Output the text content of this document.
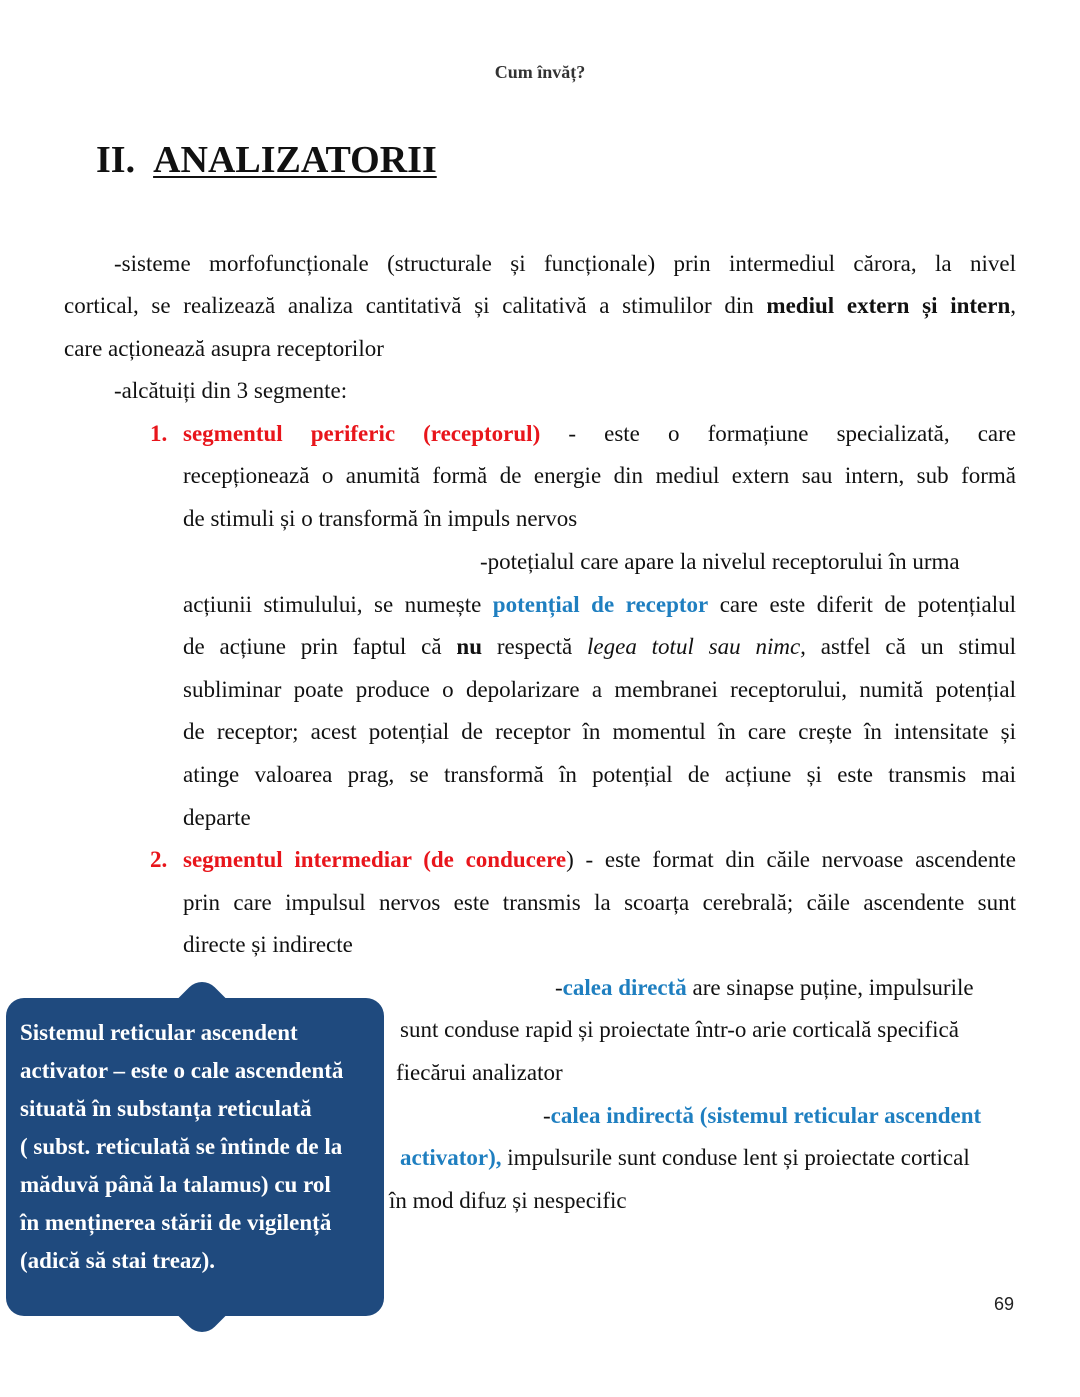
Cum învăț?
II. ANALIZATORII
-sisteme morfofuncționale (structurale și funcționale) prin intermediul cărora, la nivel
cortical, se realizează analiza cantitativă și calitativă a stimulilor din mediul extern și intern,
care acționează asupra receptorilor
-alcătuiți din 3 segmente:
1. segmentul periferic (receptorul) - este o formațiune specializată, care
recepționează o anumită formă de energie din mediul extern sau intern, sub formă
de stimuli și o transformă în impuls nervos
-potețialul care apare la nivelul receptorului în urma
acțiunii stimulului, se numește potențial de receptor care este diferit de potențialul
de acțiune prin faptul că nu respectă legea totul sau nimc, astfel că un stimul
subliminar poate produce o depolarizare a membranei receptorului, numită potențial
de receptor; acest potențial de receptor în momentul în care crește în intensitate și
atinge valoarea prag, se transformă în potențial de acțiune și este transmis mai
departe
2. segmentul intermediar (de conducere) - este format din căile nervoase ascendente
prin care impulsul nervos este transmis la scoarța cerebrală; căile ascendente sunt
directe și indirecte
-calea directă are sinapse puține, impulsurile
sunt conduse rapid și proiectate într-o arie corticală specifică
fiecărui analizator
-calea indirectă (sistemul reticular ascendent
activator), impulsurile sunt conduse lent și proiectate cortical
în mod difuz și nespecific
Sistemul reticular ascendent
activator – este o cale ascendentă
situată în substanța reticulată
( subst. reticulată se întinde de la
măduvă până la talamus) cu rol
în menținerea stării de vigilență
(adică să stai treaz).
69
